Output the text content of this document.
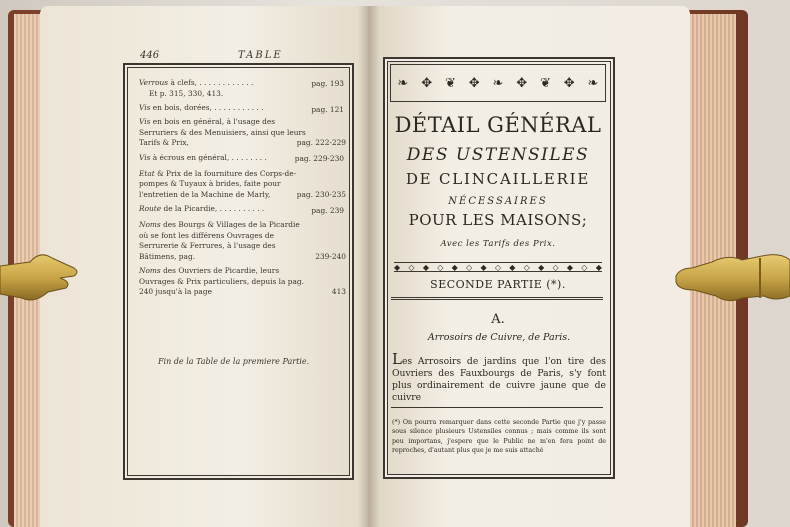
446	TABLE

Verrous à clefs, . . . . . . . . . . . .	pag. 193

Et p. 315, 330, 413.

Vis en bois, dorées, . . . . . . . . . . .	pag. 121

Vis en bois en général, à l'usage des Serruriers & des Menuisiers, ainsi que leurs Tarifs & Prix,	pag. 222-229

Vis à écrous en général, . . . . . . . .	pag. 229-230

Etat & Prix de la fourniture des Corps-de-pompes & Tuyaux à brides, faite pour l'entretien de la Machine de Marly,	pag. 230-235

Route de la Picardie, . . . . . . . . . .	pag. 239

Noms des Bourgs & Villages de la Picardie où se font les différens Ouvrages de Serrurerie & Ferrures, à l'usage des Bâtimens, pag.	239-240

Noms des Ouvriers de Picardie, leurs Ouvrages & Prix particuliers, depuis la pag. 240 jusqu'à la page	413

Fin de la Table de la premiere Partie.
❧ ✥ ❦ ✥ ❧ ✥ ❦ ✥ ❧
DÉTAIL GÉNÉRAL
DES USTENSILES
DE CLINCAILLERIE
NÉCESSAIRES
POUR LES MAISONS;
Avec les Tarifs des Prix.
◆ ◇ ◆ ◇ ◆ ◇ ◆ ◇ ◆ ◇ ◆ ◇ ◆ ◇ ◆
SECONDE PARTIE (*).
A.
Arrosoirs de Cuivre, de Paris.
Les Arrosoirs de jardins que l'on tire des Ouvriers des Fauxbourgs de Paris, s'y font plus ordinairement de cuivre jaune que de cuivre
(*) On pourra remarquer dans cette seconde Partie que j'y passe sous silence plusieurs Ustensiles connus ; mais comme ils sont peu importans, j'espere que le Public ne m'en fera point de reproches, d'autant plus que je me suis attaché
